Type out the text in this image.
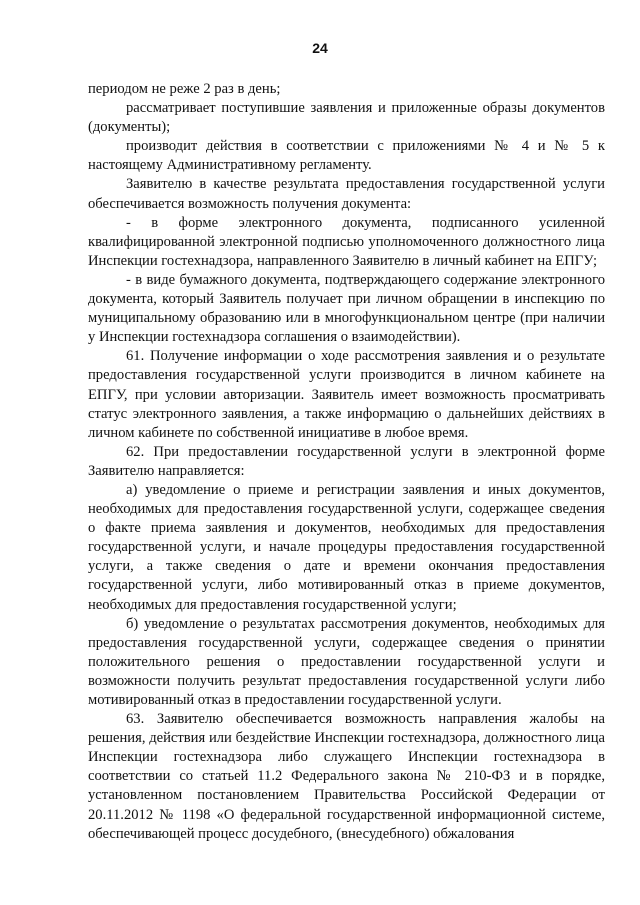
24

периодом не реже 2 раз в день;

рассматривает поступившие заявления и приложенные образы документов (документы);

производит действия в соответствии с приложениями № 4 и № 5 к настоящему Административному регламенту.

Заявителю в качестве результата предоставления государственной услуги обеспечивается возможность получения документа:

- в форме электронного документа, подписанного усиленной квалифицированной электронной подписью уполномоченного должностного лица Инспекции гостехнадзора, направленного Заявителю в личный кабинет на ЕПГУ;

- в виде бумажного документа, подтверждающего содержание электронного документа, который Заявитель получает при личном обращении в инспекцию по муниципальному образованию или в многофункциональном центре (при наличии у Инспекции гостехнадзора соглашения о взаимодействии).

61. Получение информации о ходе рассмотрения заявления и о результате предоставления государственной услуги производится в личном кабинете на ЕПГУ, при условии авторизации. Заявитель имеет возможность просматривать статус электронного заявления, а также информацию о дальнейших действиях в личном кабинете по собственной инициативе в любое время.

62. При предоставлении государственной услуги в электронной форме Заявителю направляется:

а) уведомление о приеме и регистрации заявления и иных документов, необходимых для предоставления государственной услуги, содержащее сведения о факте приема заявления и документов, необходимых для предоставления государственной услуги, и начале процедуры предоставления государственной услуги, а также сведения о дате и времени окончания предоставления государственной услуги, либо мотивированный отказ в приеме документов, необходимых для предоставления государственной услуги;

б) уведомление о результатах рассмотрения документов, необходимых для предоставления государственной услуги, содержащее сведения о принятии положительного решения о предоставлении государственной услуги и возможности получить результат предоставления государственной услуги либо мотивированный отказ в предоставлении государственной услуги.

63. Заявителю обеспечивается возможность направления жалобы на решения, действия или бездействие Инспекции гостехнадзора, должностного лица Инспекции гостехнадзора либо служащего Инспекции гостехнадзора в соответствии со статьей 11.2 Федерального закона № 210-ФЗ и в порядке, установленном постановлением Правительства Российской Федерации от 20.11.2012 № 1198 «О федеральной государственной информационной системе, обеспечивающей процесс досудебного, (внесудебного) обжалования
